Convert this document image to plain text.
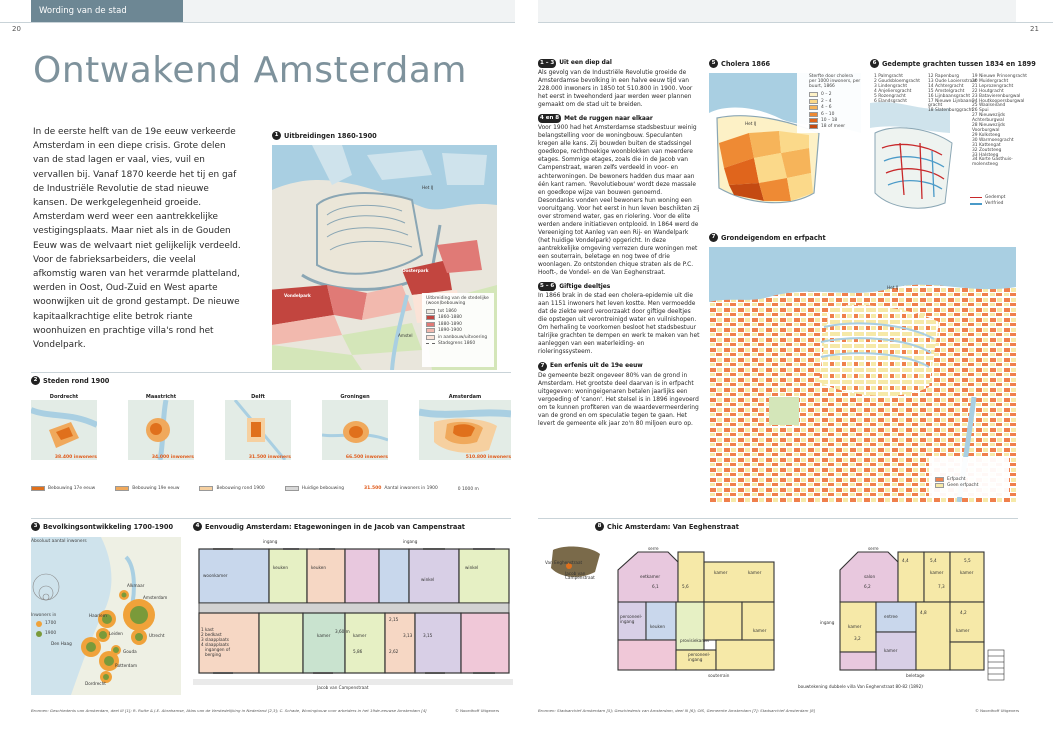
Wording van de stad
20	21
Ontwakend Amsterdam
In de eerste helft van de 19e eeuw verkeerde Amsterdam in een diepe crisis. Grote delen van de stad lagen er vaal, vies, vuil en vervallen bij. Vanaf 1870 keerde het tij en gaf de Industriële Revolutie de stad nieuwe kansen. De werkgelegenheid groeide. Amsterdam werd weer een aantrekkelijke vestigingsplaats. Maar niet als in de Gouden Eeuw was de welvaart niet gelijkelijk verdeeld. Voor de fabrieksarbeiders, die veelal afkomstig waren van het verarmde platteland, werden in Oost, Oud-Zuid en West aparte woonwijken uit de grond gestampt. De nieuwe kapitaalkrachtige elite betrok riante woonhuizen en prachtige villa's rond het Vondelpark.
1 Uitbreidingen 1860-1900
Het IJ
Oosterpark
Vondelpark
Amstel
Uitbreiding van de stedelijke (woon)bebouwing
tot 1860
1860-1880
1880-1890
1890-1900
in aanbouw/uitvoering
Stadsgrens 1860
2 Steden rond 1900
Dordrecht
38.400 inwoners
Maastricht
34.000 inwoners
Delft
31.500 inwoners
Groningen
66.500 inwoners
Amsterdam
510.800 inwoners
Bebouwing 17e eeuw	Bebouwing 19e eeuw	Bebouwing rond 1900	Huidige bebouwing	31.500 Aantal inwoners in 1900	0 1000 m
3 Bevolkingsontwikkeling 1700-1900
Absoluut aantal inwoners
Inwoners in
1700
1900
Alkmaar
Amsterdam
Haarlem
Leiden	Utrecht
Den Haag
Gouda
Rotterdam
Dordrecht
4 Eenvoudig Amsterdam: Etagewoningen in de Jacob van Campenstraat
woonkamer
keuken	keuken	winkel
winkel
ingang	ingang
1 kast
2 bedkast
3 slaapplaats
4 slaapplaats
ingangen of
berging
kamer	kamer
3,60 m
5,86
2,15
2,62
3,13	3,15
Jacob van Campenstraat

1 – 3 Uit een diep dal
Als gevolg van de Industriële Revolutie groeide de Amsterdamse bevolking in een halve eeuw tijd van 228.000 inwoners in 1850 tot 510.800 in 1900. Voor het eerst in tweehonderd jaar werden weer plannen gemaakt om de stad uit te breiden.

4 en 8 Met de ruggen naar elkaar
Voor 1900 had het Amsterdamse stadsbestuur weinig belangstelling voor de woningbouw. Speculanten kregen alle kans. Zij bouwden buiten de stadssingel goedkope, rechthoekige woonblokken van meerdere etages. Sommige etages, zoals die in de Jacob van Campenstraat, waren zelfs verdeeld in voor- en achterwoningen. De bewoners hadden dus maar aan één kant ramen. 'Revolutiebouw' wordt deze massale en goedkope wijze van bouwen genoemd. Desondanks vonden veel bewoners hun woning een vooruitgang. Voor het eerst in hun leven beschikten zij over stromend water, gas en riolering. Voor de elite werden andere initiatieven ontplooid. In 1864 werd de Vereeniging tot Aanleg van een Rij- en Wandelpark (het huidige Vondelpark) opgericht. In deze aantrekkelijke omgeving verrezen dure woningen met een souterrain, beletage en nog twee of drie woonlagen. Zo ontstonden chique straten als de P.C. Hooft-, de Vondel- en de Van Eeghenstraat.

5 – 6 Giftige deeltjes
In 1866 brak in de stad een cholera-epidemie uit die aan 1151 inwoners het leven kostte. Men vermoedde dat de ziekte werd veroorzaakt door giftige deeltjes die opstegen uit verontreinigd water en vuilnishopen. Om herhaling te voorkomen besloot het stadsbestuur talrijke grachten te dempen en werk te maken van het aanleggen van een waterleiding- en rioleringssysteem.

7 Een erfenis uit de 19e eeuw
De gemeente bezit ongeveer 80% van de grond in Amsterdam. Het grootste deel daarvan is in erfpacht uitgegeven: woningeigenaren betalen jaarlijks een vergoeding of 'canon'. Het stelsel is in 1896 ingevoerd om te kunnen profiteren van de waardevermeerdering van de grond en om speculatie tegen te gaan. Het levert de gemeente elk jaar zo'n 80 miljoen euro op.

5 Cholera 1866
Het IJ
Sterfte door cholera per 1000 inwoners, per buurt, 1866
0 – 2
2 – 4
4 – 6
6 – 10
10 – 18
18 of meer
6 Gedempte grachten tussen 1834 en 1899
1 Palmgracht
2 Goudsbloemgracht
3 Lindengracht
4 Anjeliersgracht
5 Rozengracht
6 Elandsgracht
12 Rapenburg
13 Oude Looiersstraat
14 Achtergracht
15 Amstelgracht
16 Lijnbaansgracht
17 Nieuwe Lijnbaans-
gracht
18 Slatenburggracht
19 Nieuwe Prinsengracht
20 Muidergracht
21 Leprozengracht
22 Houtgracht
23 Batavierenburgwal
24 Houtkoopersburgwal
25 Waalseiland
26 Spui
27 Nieuwezijds
Achterburgwal
28 Nieuwezijds
Voorburgwal
29 Kolksteeg
30 Warmoesgracht
31 Kattengat
32 Zoutsteeg
33 Halsteeg
34 Korte Gasthuis-
molensteeg
Gedempt
Verlfried
7 Grondeigendom en erfpacht
Het IJ
Erfpacht
Geen erfpacht
8 Chic Amsterdam: Van Eeghenstraat
Van Eeghenstraat
Jacob van Campenstraat
serre
eetkamer
kamer	kamer
personeel-ingang
keuken
provisiekamer
kamer
personeel-ingang
souterrain
serre
salon
kamer	kamer
entree
kamer
kamer
kamer
beletage
5,6
6,1
4,4	5,4
4,8
3,2
5,5
7,3
4,2
6,2
ingang
bouwtekening dubbele villa Van Eeghenstraat 80-82 (1892)
Bronnen: Geschiedenis van Amsterdam, deel III [1]; R. Rutte & J.E. Abrahamse, Atlas van de Verstedelijking in Nederland [2,3]; C. Schade, Woningbouw voor arbeiders in het 19de-eeuwse Amsterdam [4]	© Noordhoff Uitgevers	Bronnen: Stadsarchief Amsterdam [5]; Geschiedenis van Amsterdam, deel III [6]; OIS, Gemeente Amsterdam [7]; Stadsarchief Amsterdam [8]	© Noordhoff Uitgevers
